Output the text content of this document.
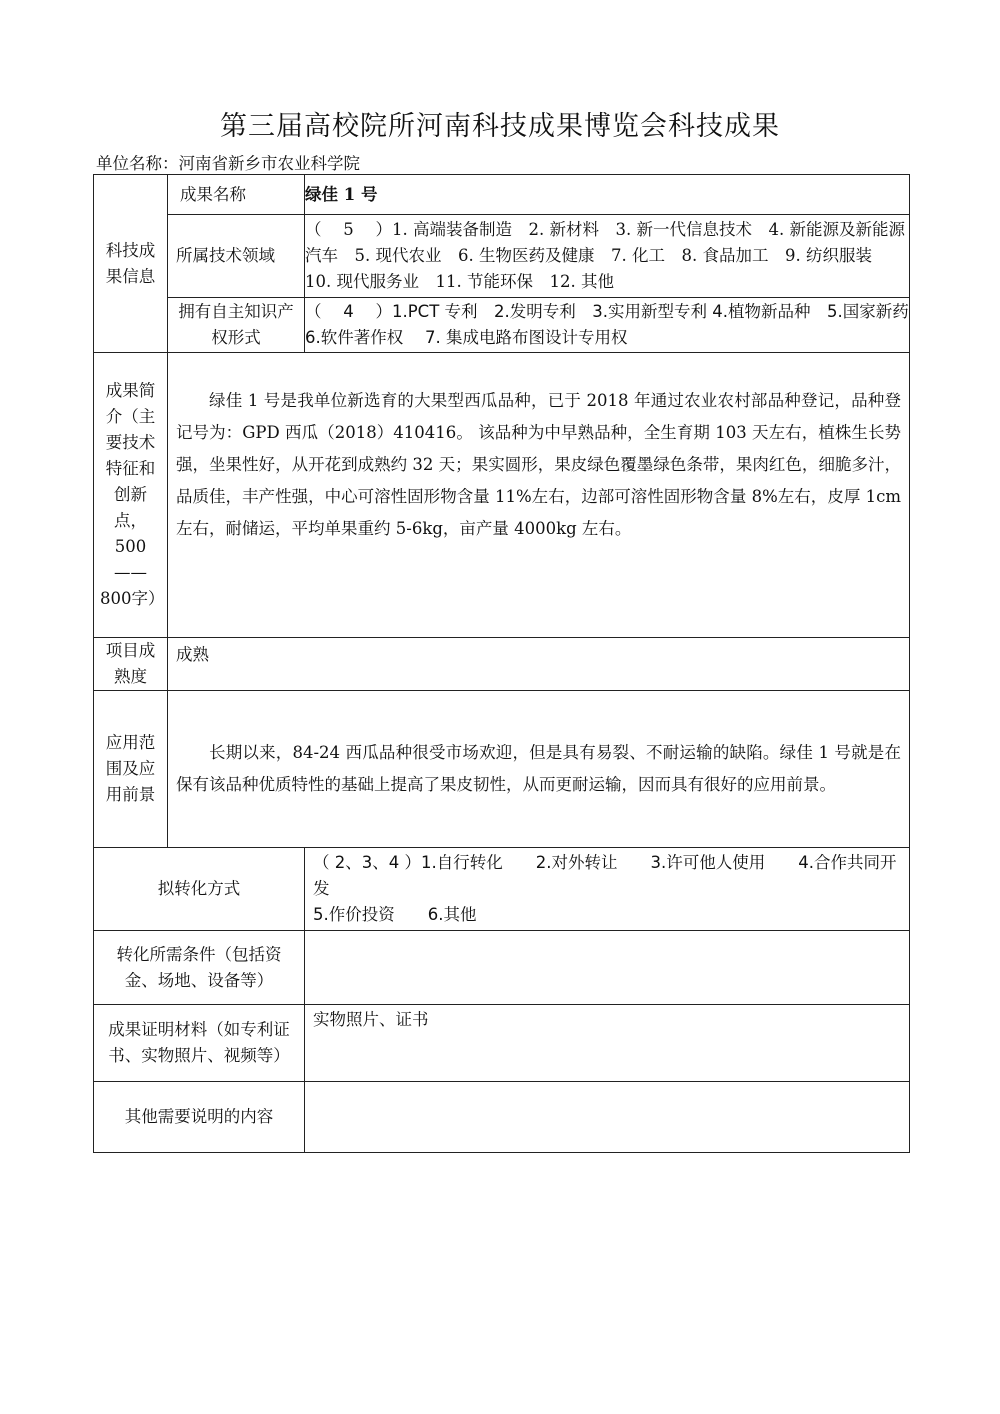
第三届高校院所河南科技成果博览会科技成果
单位名称：河南省新乡市农业科学院
科技成果信息	成果名称	绿佳 1 号
	所属技术领域	（　 5　 ）1. 高端装备制造　2. 新材料　3. 新一代信息技术　4. 新能源及新能源汽车　5. 现代农业　6. 生物医药及健康　7. 化工　8. 食品加工　9. 纺织服装　10. 现代服务业　11. 节能环保　12. 其他
	拥有自主知识产权形式	（　 4　 ）1.PCT 专利　2.发明专利　3.实用新型专利 4.植物新品种　5.国家新药　6.软件著作权　 7. 集成电路布图设计专用权
成果简介（主要技术特征和创新点，500——800字）	绿佳 1 号是我单位新选育的大果型西瓜品种，已于 2018 年通过农业农村部品种登记，品种登记号为：GPD 西瓜（2018）410416。 该品种为中早熟品种，全生育期 103 天左右，植株生长势强，坐果性好，从开花到成熟约 32 天；果实圆形，果皮绿色覆墨绿色条带，果肉红色，细脆多汁，品质佳，丰产性强，中心可溶性固形物含量 11%左右，边部可溶性固形物含量 8%左右，皮厚 1cm 左右，耐储运，平均单果重约 5-6kg，亩产量 4000kg 左右。	

项目成熟度	成熟	
应用范围及应用前景	长期以来，84-24 西瓜品种很受市场欢迎，但是具有易裂、不耐运输的缺陷。绿佳 1 号就是在保有该品种优质特性的基础上提高了果皮韧性，从而更耐运输，因而具有很好的应用前景。	

拟转化方式		（ 2、3、4 ）1.自行转化　　2.对外转让　　3.许可他人使用　　4.合作共同开发
5.作价投资　　6.其他

转化所需条件（包括资金、场地、设备等）		
成果证明材料（如专利证书、实物照片、视频等）		实物照片、证书
其他需要说明的内容		
